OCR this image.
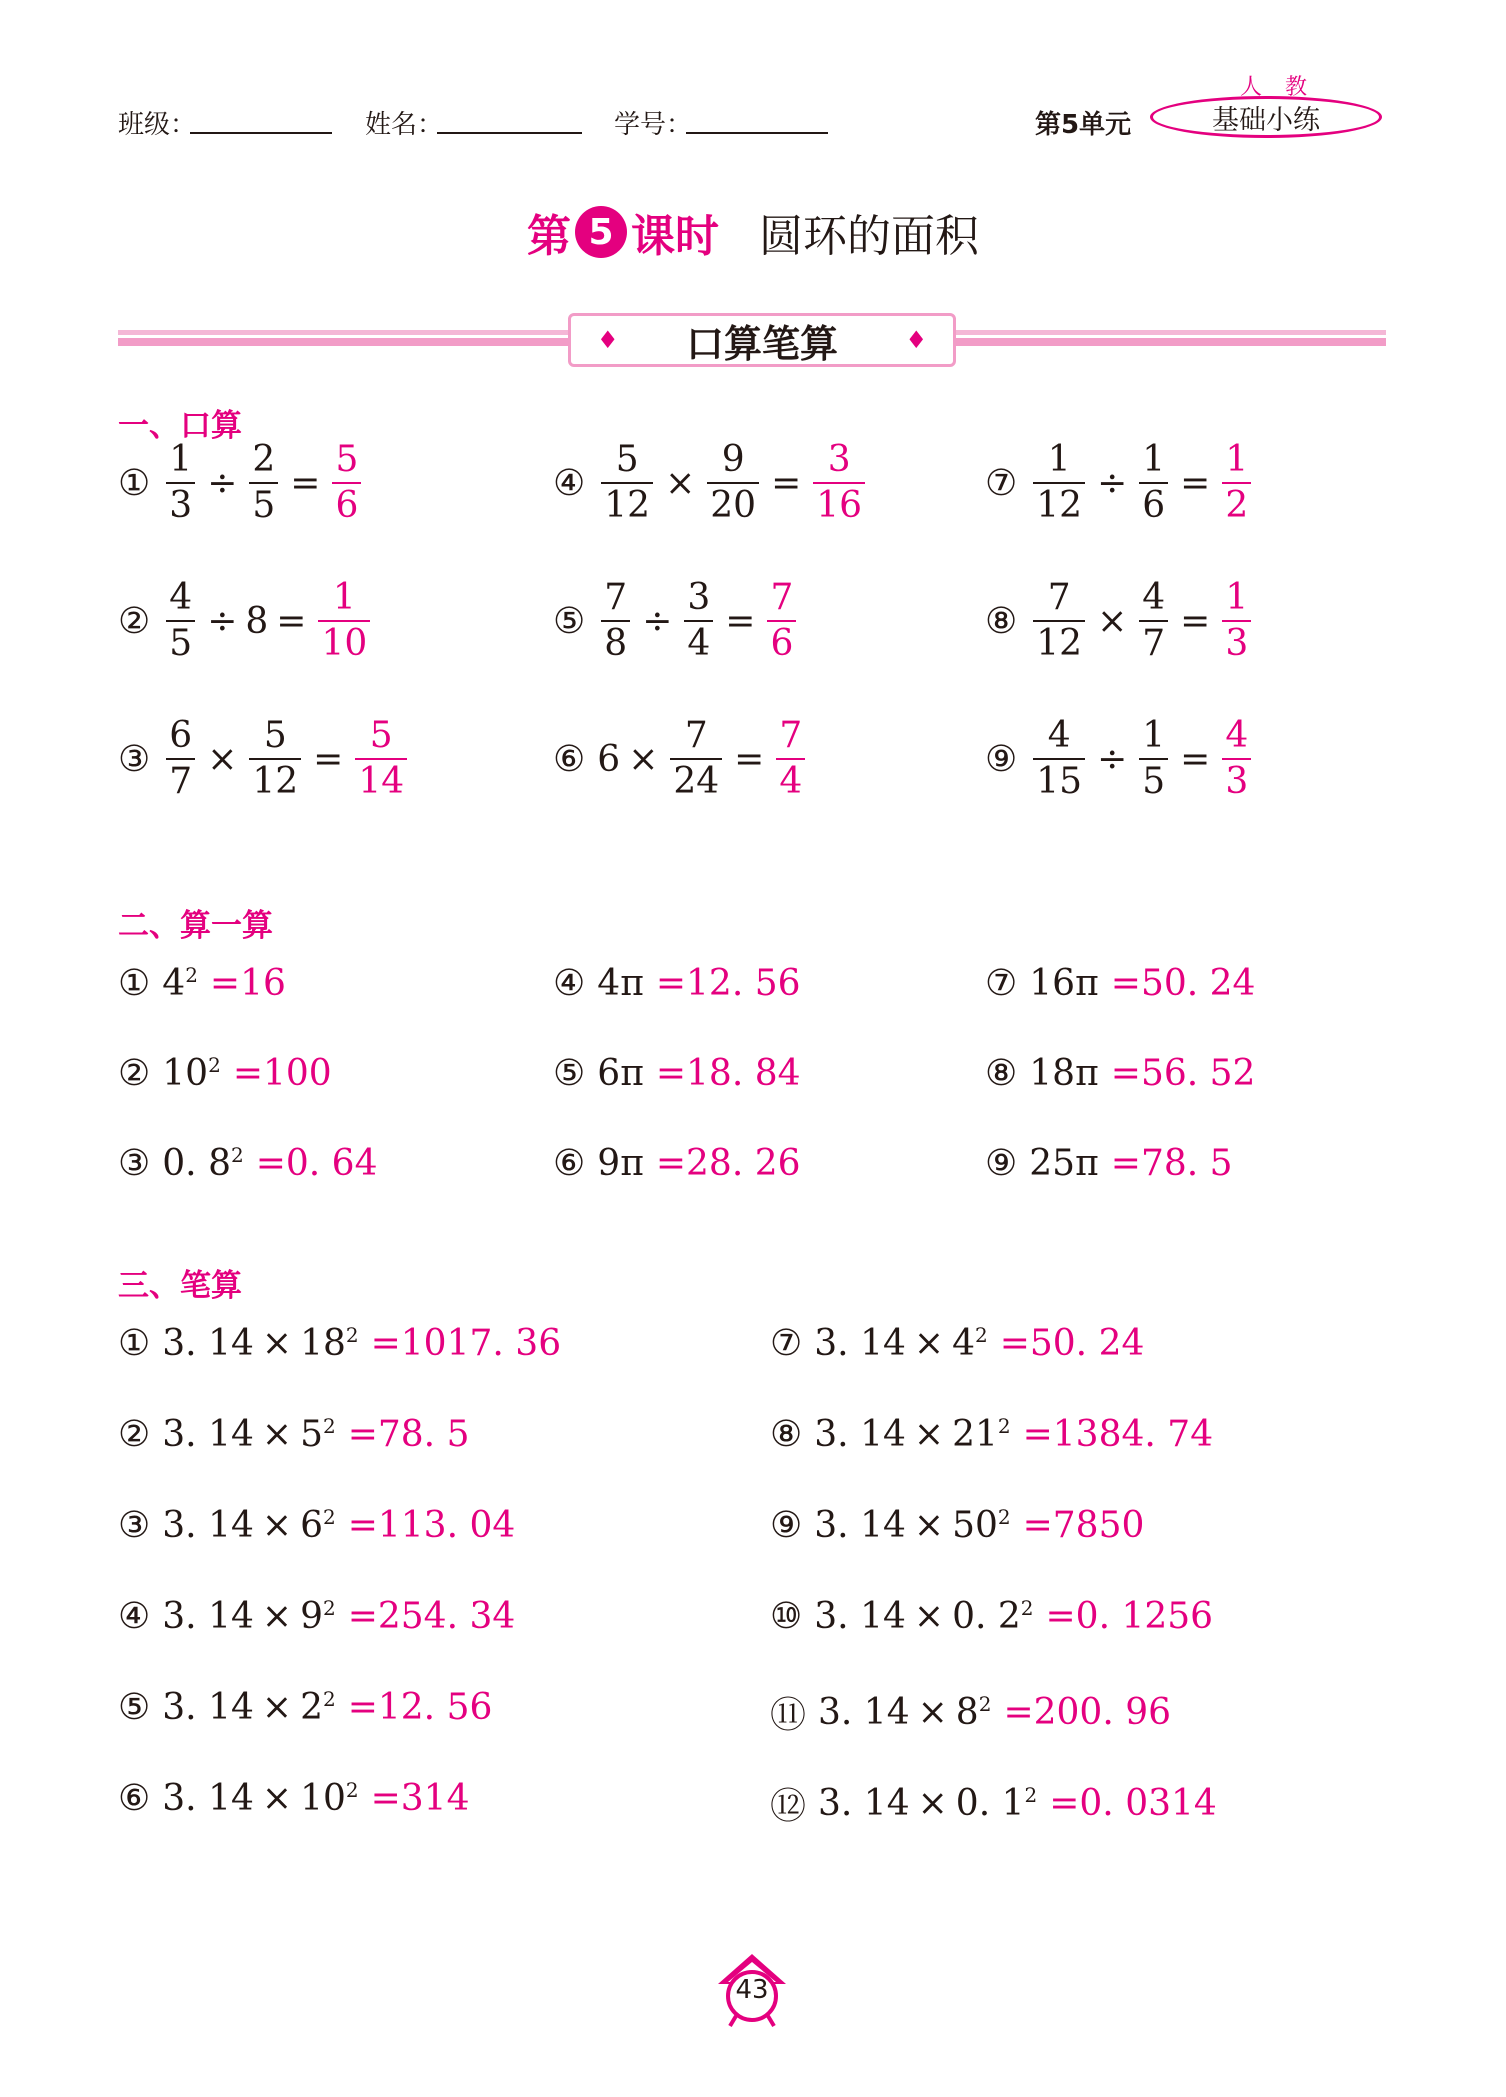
班级：	姓名：	学号：	第5单元
人 教
基础小练
第 5 课时 圆环的面积
♦ 口算笔算	♦
一、口算
① $\frac{1}{3} \div \frac{2}{5} = \frac{5}{6}$
② $\frac{4}{5} \div 8 = \frac{1}{10}$
③ $\frac{6}{7} \times \frac{5}{12} = \frac{5}{14}$
④ $\frac{5}{12} \times \frac{9}{20} = \frac{3}{16}$
⑤ $\frac{7}{8} \div \frac{3}{4} = \frac{7}{6}$
⑥ $6 \times \frac{7}{24} = \frac{7}{4}$
⑦ $\frac{1}{12} \div \frac{1}{6} = \frac{1}{2}$
⑧ $\frac{7}{12} \times \frac{4}{7} = \frac{1}{3}$
⑨ $\frac{4}{15} \div \frac{1}{5} = \frac{4}{3}$
二、算一算
① $4^2 =16$
② $10^2 =100$
③ 0. $8^2 =0$. 64
④ 4π =12. 56
⑤ 6π =18. 84
⑥ 9π =28. 26
⑦ 16π =50. 24
⑧ 18π =56. 52
⑨ 25π =78. 5
三、笔算
① 3. $14 \times 18^2 =1017$. 36
② 3. $14 \times 5^2 =78$. 5
③ 3. $14 \times 6^2 =113$. 04
④ 3. $14 \times 9^2 =254$. 34
⑤ 3. $14 \times 2^2 =12$. 56
⑥ 3. $14 \times 10^2 =314$
⑦ 3. $14 \times 4^2 =50$. 24
⑧ 3. $14 \times 21^2 =1384$. 74
⑨ 3. $14 \times 50^2 =7850$
⑩ 3. 14 × 0. $2^2 =0$. 1256
⑪ 3. $14 \times 8^2 =200$. 96
⑫ 3. 14 × 0. $1^2 =0$. 0314
43
